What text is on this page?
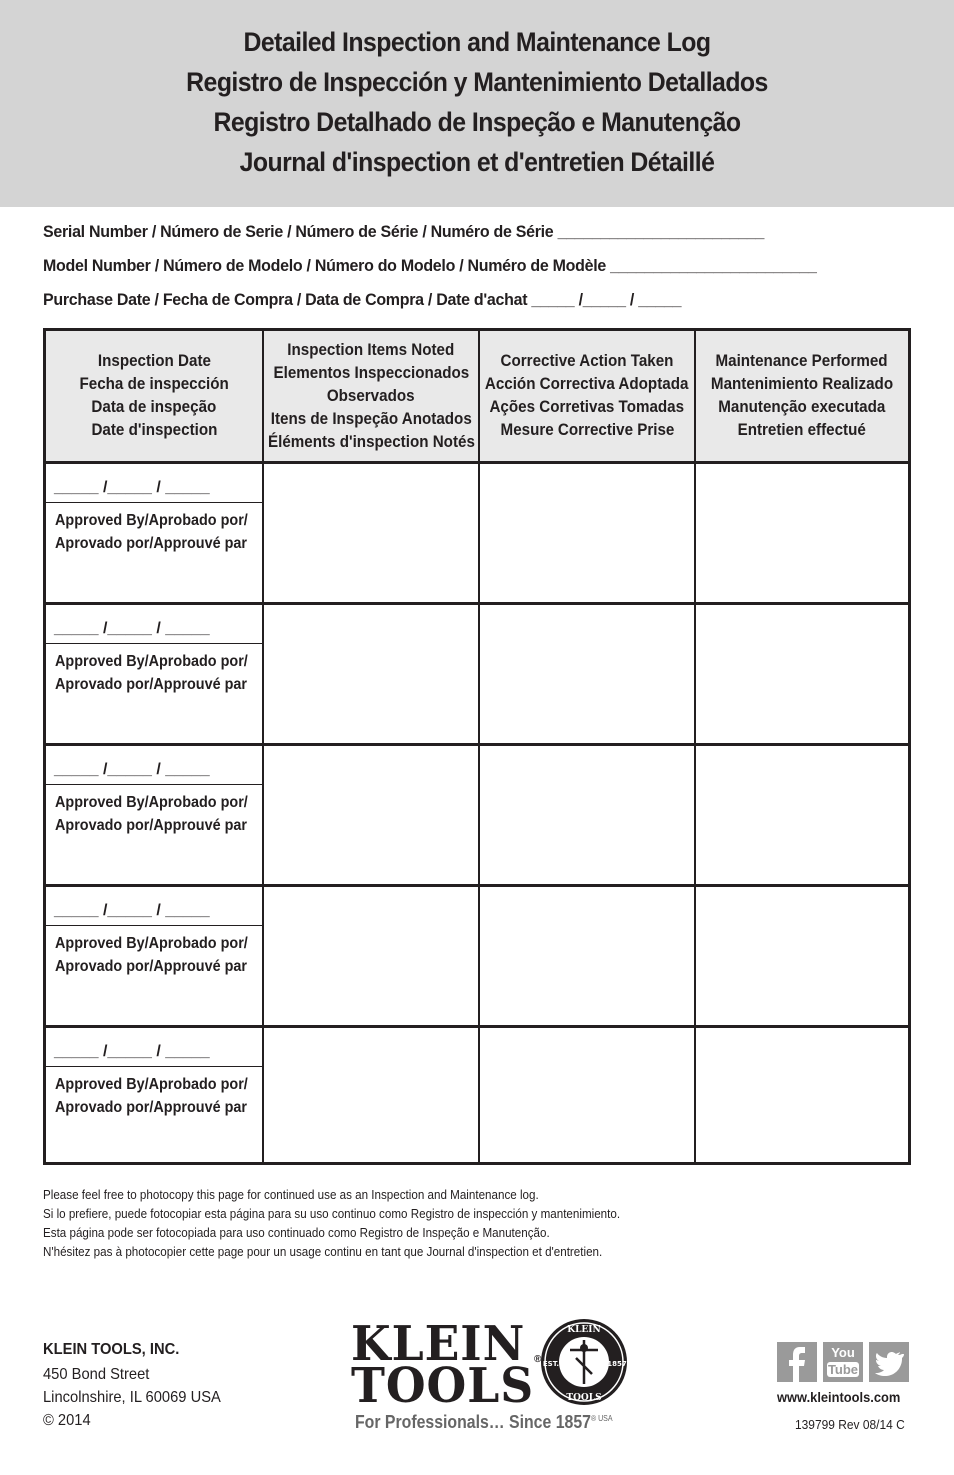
Detailed Inspection and Maintenance Log
Registro de Inspección y Mantenimiento Detallados
Registro Detalhado de Inspeção e Manutenção
Journal d'inspection et d'entretien Détaillé
Serial Number / Número de Serie / Número de Série / Numéro de Série ________________________
Model Number / Número de Modelo / Número do Modelo / Numéro de Modèle ________________________
Purchase Date / Fecha de Compra / Data de Compra / Date d'achat _____ /_____ / _____
Inspection Date
Fecha de inspección
Data de inspeção
Date d'inspection
Inspection Items Noted
Elementos Inspeccionados
Observados
Itens de Inspeção Anotados
Éléments d'inspection Notés
Corrective Action Taken
Acción Correctiva Adoptada
Ações Corretivas Tomadas
Mesure Corrective Prise
Maintenance Performed
Mantenimiento Realizado
Manutenção executada
Entretien effectué
_____ /_____ / _____
Approved By/Aprobado por/
Aprovado por/Approuvé par
_____ /_____ / _____
Approved By/Aprobado por/
Aprovado por/Approuvé par
_____ /_____ / _____
Approved By/Aprobado por/
Aprovado por/Approuvé par
_____ /_____ / _____
Approved By/Aprobado por/
Aprovado por/Approuvé par
_____ /_____ / _____
Approved By/Aprobado por/
Aprovado por/Approuvé par
Please feel free to photocopy this page for continued use as an Inspection and Maintenance log.
Si lo prefiere, puede fotocopiar esta página para su uso continuo como Registro de inspección y mantenimiento.
Esta página pode ser fotocopiada para uso continuado como Registro de Inspeção e Manutenção.
N'hésitez pas à photocopier cette page pour un usage continu en tant que Journal d'inspection et d'entretien.
KLEIN TOOLS, INC.
450 Bond Street
Lincolnshire, IL 60069 USA
© 2014
KLEIN
TOOLS ®
KLEIN
EST.	1857
TOOLS
For Professionals… Since $1857^{® USA}$
You
Tube
www.kleintools.com
139799 Rev 08/14 C
